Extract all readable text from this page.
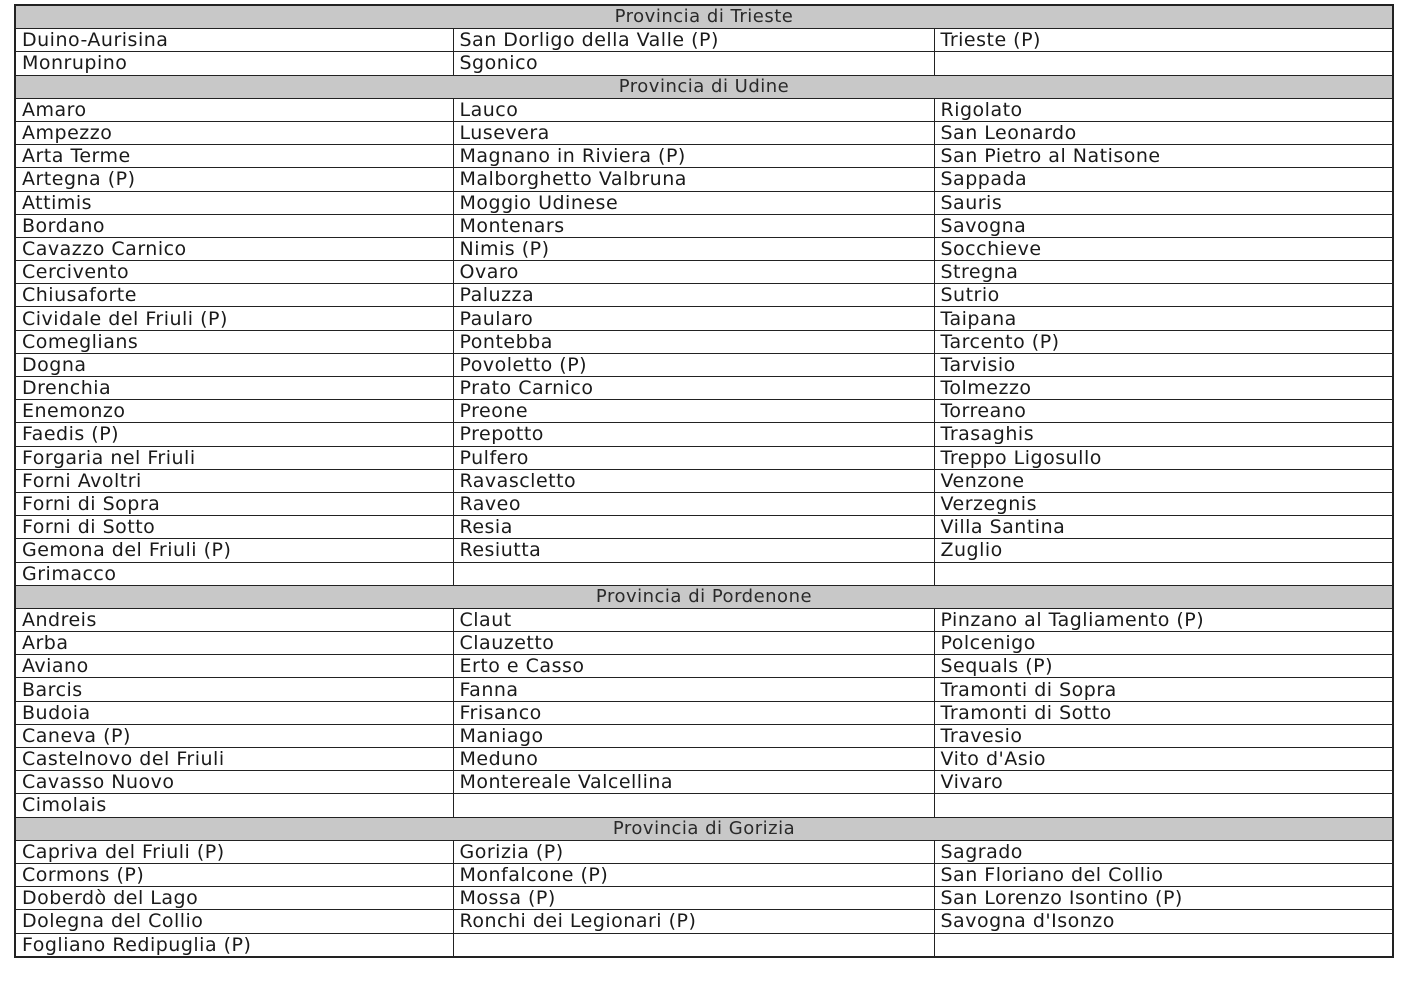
Provincia di Trieste		
Duino-Aurisina	San Dorligo della Valle (P)	Trieste (P)
Monrupino	Sgonico	
Provincia di Udine		
Amaro	Lauco	Rigolato
Ampezzo	Lusevera	San Leonardo
Arta Terme	Magnano in Riviera (P)	San Pietro al Natisone
Artegna (P)	Malborghetto Valbruna	Sappada
Attimis	Moggio Udinese	Sauris
Bordano	Montenars	Savogna
Cavazzo Carnico	Nimis (P)	Socchieve
Cercivento	Ovaro	Stregna
Chiusaforte	Paluzza	Sutrio
Cividale del Friuli (P)	Paularo	Taipana
Comeglians	Pontebba	Tarcento (P)
Dogna	Povoletto (P)	Tarvisio
Drenchia	Prato Carnico	Tolmezzo
Enemonzo	Preone	Torreano
Faedis (P)	Prepotto	Trasaghis
Forgaria nel Friuli	Pulfero	Treppo Ligosullo
Forni Avoltri	Ravascletto	Venzone
Forni di Sopra	Raveo	Verzegnis
Forni di Sotto	Resia	Villa Santina
Gemona del Friuli (P)	Resiutta	Zuglio
Grimacco		
Provincia di Pordenone		
Andreis	Claut	Pinzano al Tagliamento (P)
Arba	Clauzetto	Polcenigo
Aviano	Erto e Casso	Sequals (P)
Barcis	Fanna	Tramonti di Sopra
Budoia	Frisanco	Tramonti di Sotto
Caneva (P)	Maniago	Travesio
Castelnovo del Friuli	Meduno	Vito d'Asio
Cavasso Nuovo	Montereale Valcellina	Vivaro
Cimolais		
Provincia di Gorizia		
Capriva del Friuli (P)	Gorizia (P)	Sagrado
Cormons (P)	Monfalcone (P)	San Floriano del Collio
Doberdò del Lago	Mossa (P)	San Lorenzo Isontino (P)
Dolegna del Collio	Ronchi dei Legionari (P)	Savogna d'Isonzo
Fogliano Redipuglia (P)		
